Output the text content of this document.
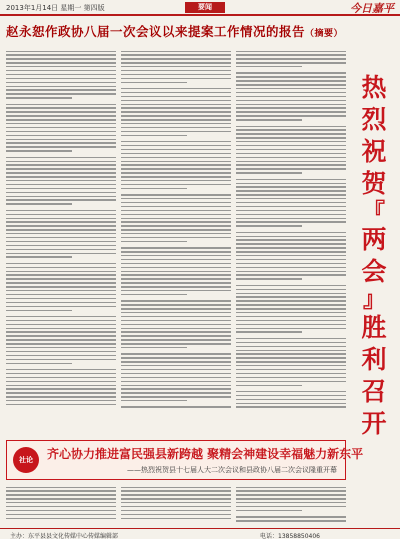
2013年1月14日 星期一 第四版	要闻	今日嘉平
赵永恕作政协八届一次会议以来提案工作情况的报告（摘要）
热
烈
祝
贺
『
两
会
』
胜
利
召
开
社论	齐心协力推进富民强县新跨越 聚精会神建设幸福魅力新东平
——热烈祝贺县十七届人大二次会议和县政协八届二次会议隆重开幕
主办：东平县县文化传媒中心传媒编辑部	电话：13858850406
